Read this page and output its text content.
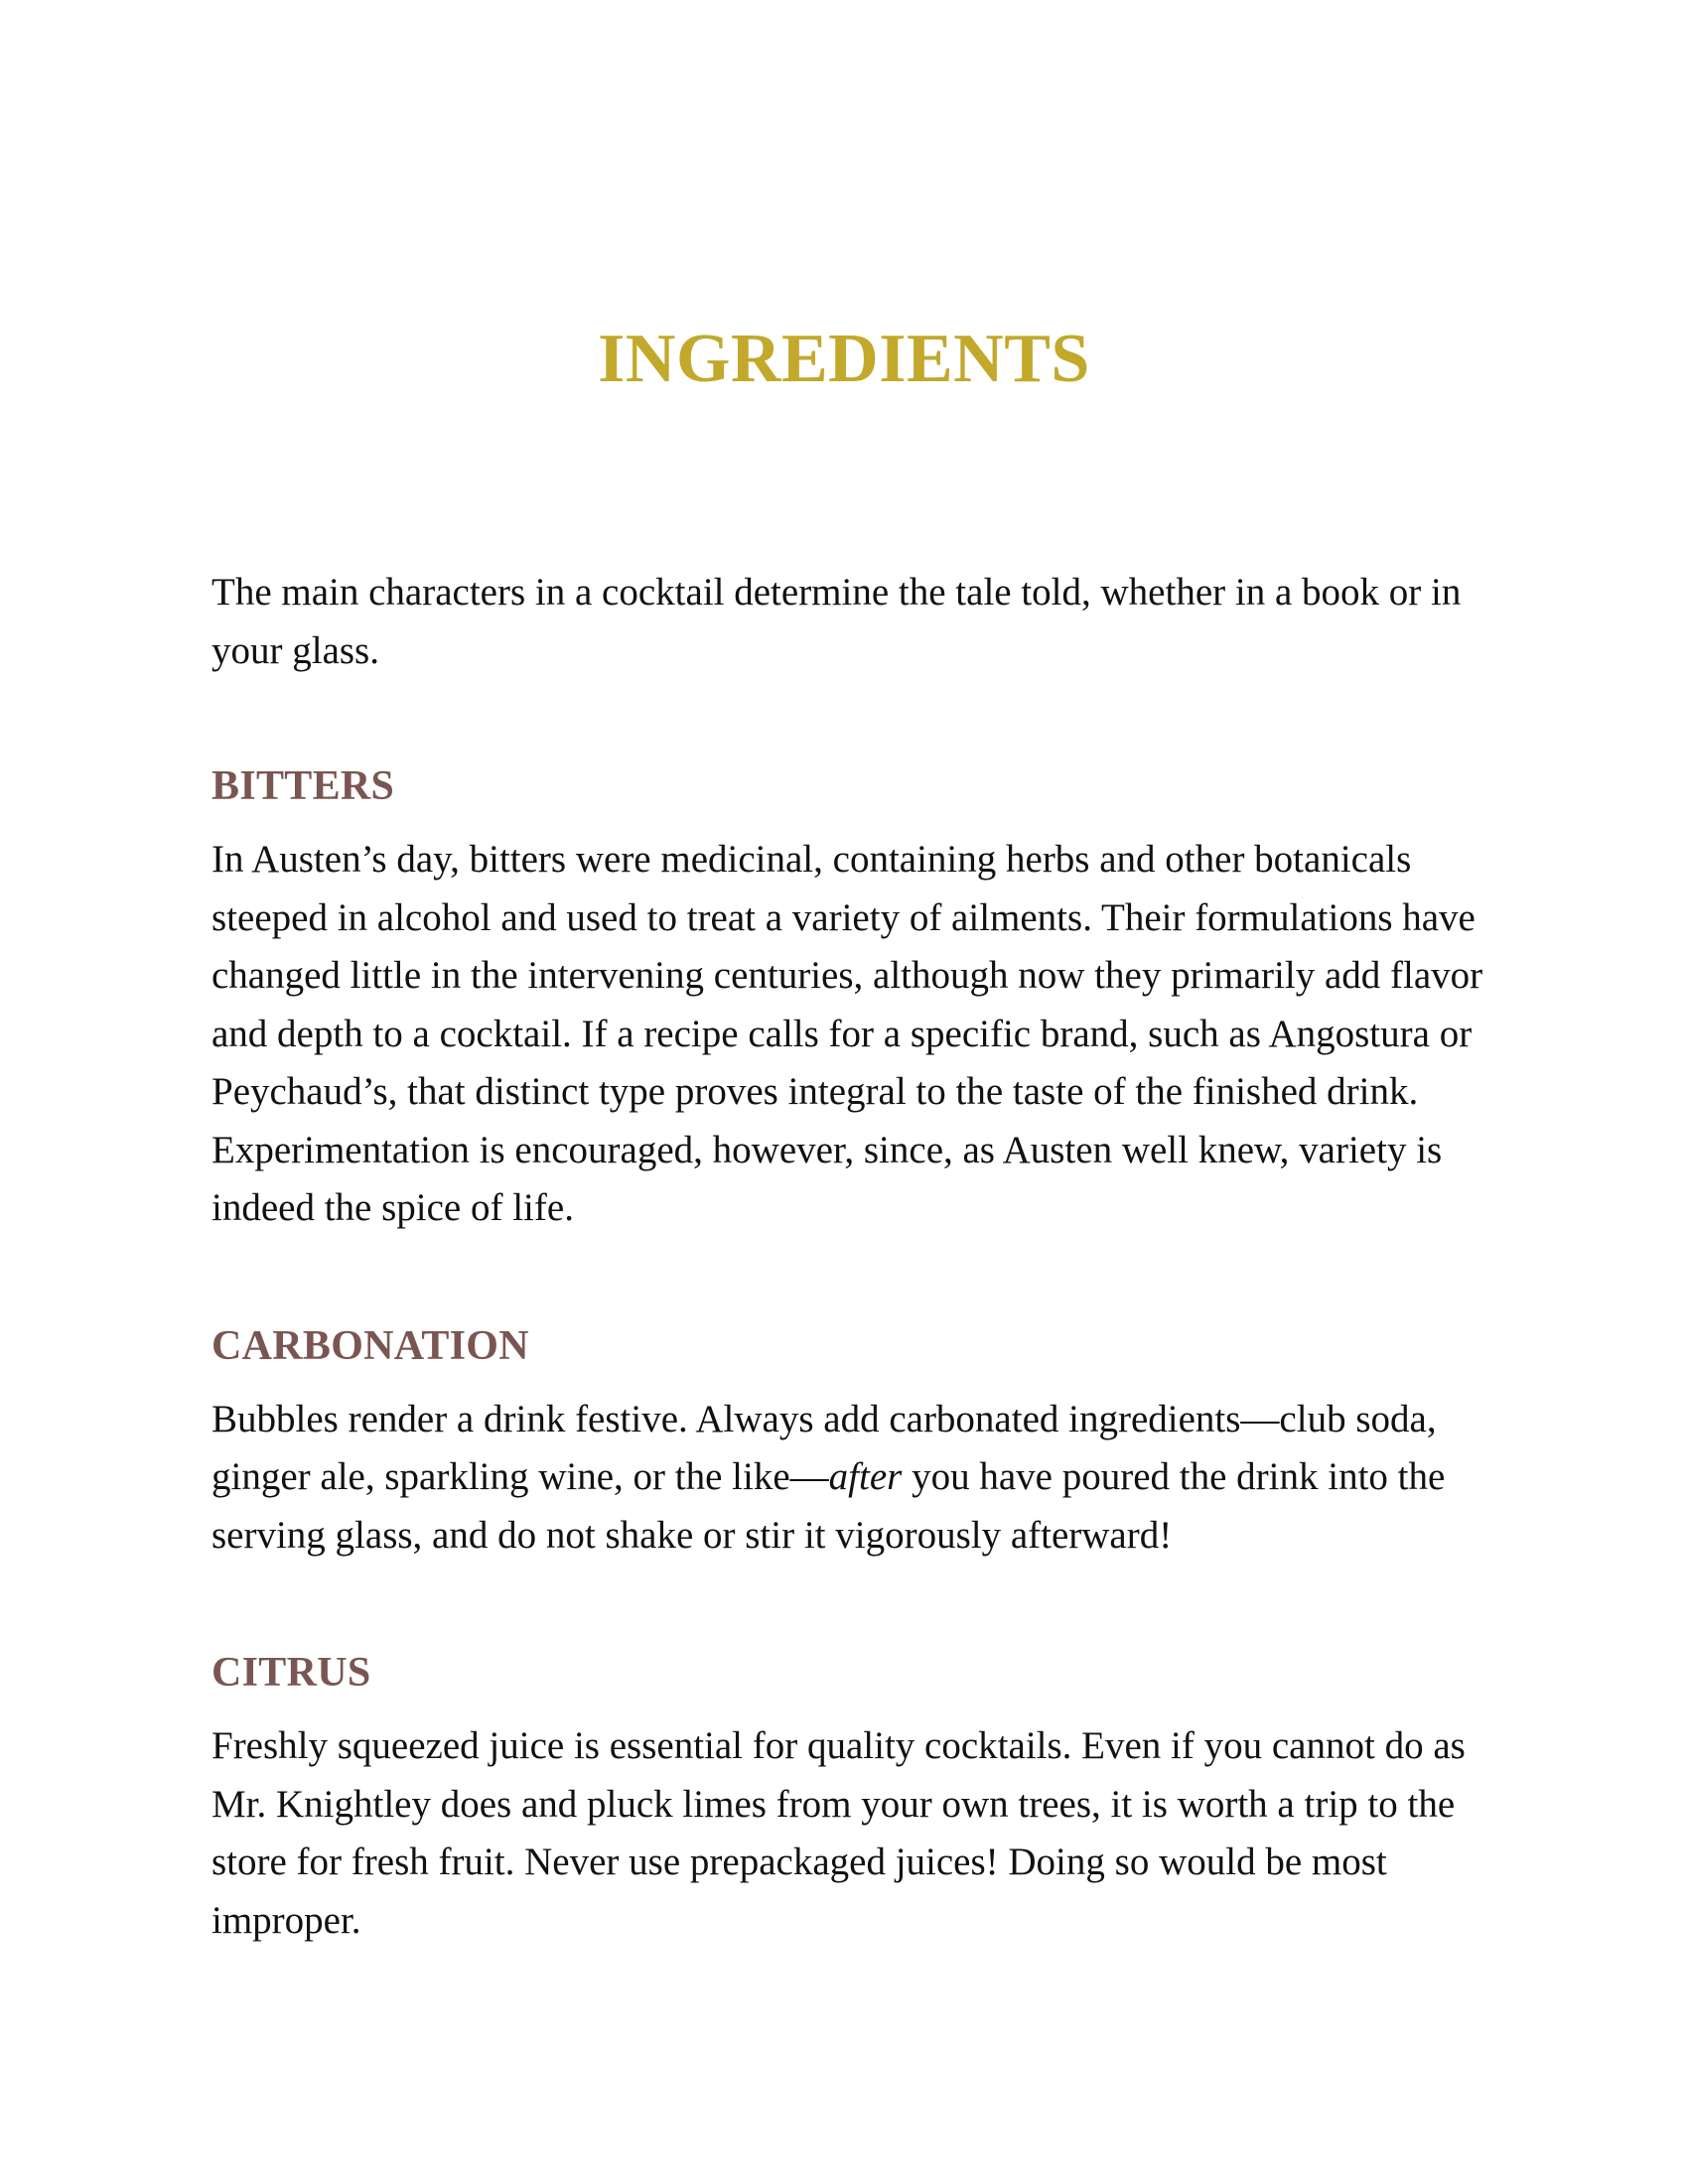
INGREDIENTS

The main characters in a cocktail determine the tale told, whether in a book or in your glass.

BITTERS

In Austen’s day, bitters were medicinal, containing herbs and other botanicals steeped in alcohol and used to treat a variety of ailments. Their formulations have changed little in the intervening centuries, although now they primarily add flavor and depth to a cocktail. If a recipe calls for a specific brand, such as Angostura or Peychaud’s, that distinct type proves integral to the taste of the finished drink. Experimentation is encouraged, however, since, as Austen well knew, variety is indeed the spice of life.

CARBONATION

Bubbles render a drink festive. Always add carbonated ingredients—club soda, ginger ale, sparkling wine, or the like—after you have poured the drink into the serving glass, and do not shake or stir it vigorously afterward!

CITRUS

Freshly squeezed juice is essential for quality cocktails. Even if you cannot do as Mr. Knightley does and pluck limes from your own trees, it is worth a trip to the store for fresh fruit. Never use prepackaged juices! Doing so would be most improper.
